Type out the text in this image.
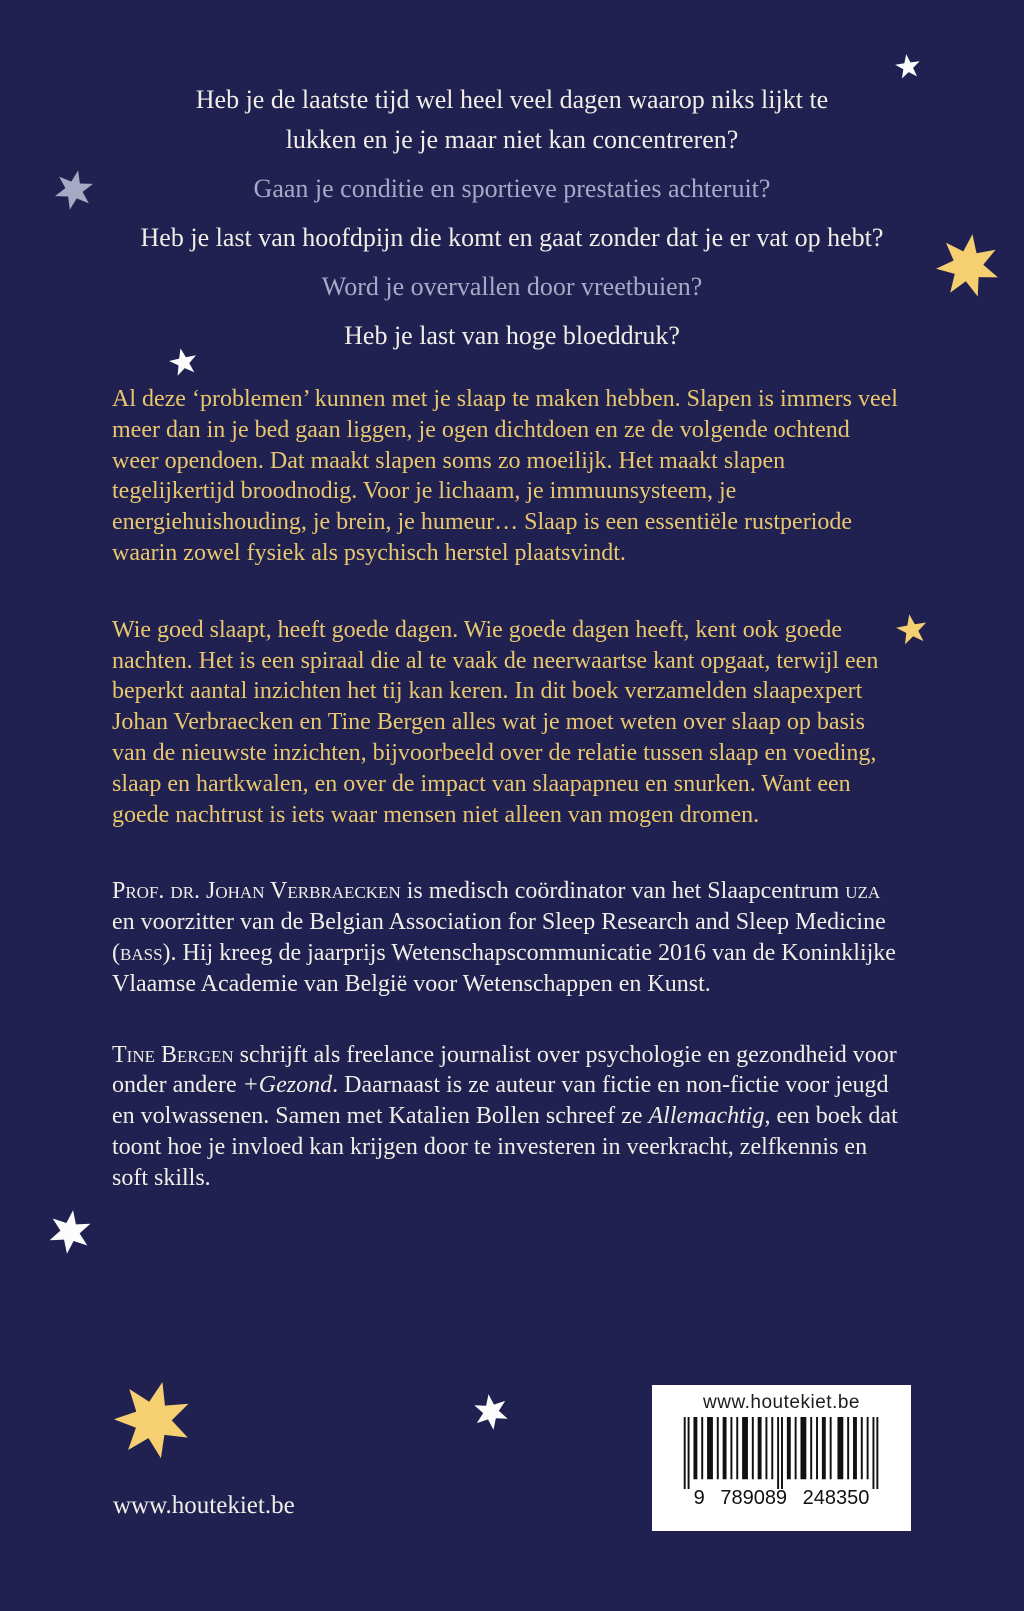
Heb je de laatste tijd wel heel veel dagen waarop niks lijkt te
lukken en je je maar niet kan concentreren?
Gaan je conditie en sportieve prestaties achteruit?
Heb je last van hoofdpijn die komt en gaat zonder dat je er vat op hebt?
Word je overvallen door vreetbuien?
Heb je last van hoge bloeddruk?

Al deze ‘problemen’ kunnen met je slaap te maken hebben. Slapen is immers veel meer dan in je bed gaan liggen, je ogen dichtdoen en ze de volgende ochtend weer opendoen. Dat maakt slapen soms zo moeilijk. Het maakt slapen tegelijkertijd broodnodig. Voor je lichaam, je immuunsysteem, je energiehuishouding, je brein, je humeur… Slaap is een essentiële rustperiode waarin zowel fysiek als psychisch herstel plaatsvindt.

Wie goed slaapt, heeft goede dagen. Wie goede dagen heeft, kent ook goede nachten. Het is een spiraal die al te vaak de neerwaartse kant opgaat, terwijl een beperkt aantal inzichten het tij kan keren. In dit boek verzamelden slaapexpert Johan Verbraecken en Tine Bergen alles wat je moet weten over slaap op basis van de nieuwste inzichten, bijvoorbeeld over de relatie tussen slaap en voeding, slaap en hartkwalen, en over de impact van slaapapneu en snurken. Want een goede nachtrust is iets waar mensen niet alleen van mogen dromen.

Prof. dr. Johan Verbraecken is medisch coördinator van het Slaapcentrum uza en voorzitter van de Belgian Association for Sleep Research and Sleep Medicine (bass). Hij kreeg de jaarprijs Wetenschapscommunicatie 2016 van de Koninklijke Vlaamse Academie van België voor Wetenschappen en Kunst.

Tine Bergen schrijft als freelance journalist over psychologie en gezondheid voor onder andere +Gezond. Daarnaast is ze auteur van fictie en non-fictie voor jeugd en volwassenen. Samen met Katalien Bollen schreef ze Allemachtig, een boek dat toont hoe je invloed kan krijgen door te investeren in veerkracht, zelfkennis en soft skills.

www.houtekiet.be
www.houtekiet.be
9 789089 248350
